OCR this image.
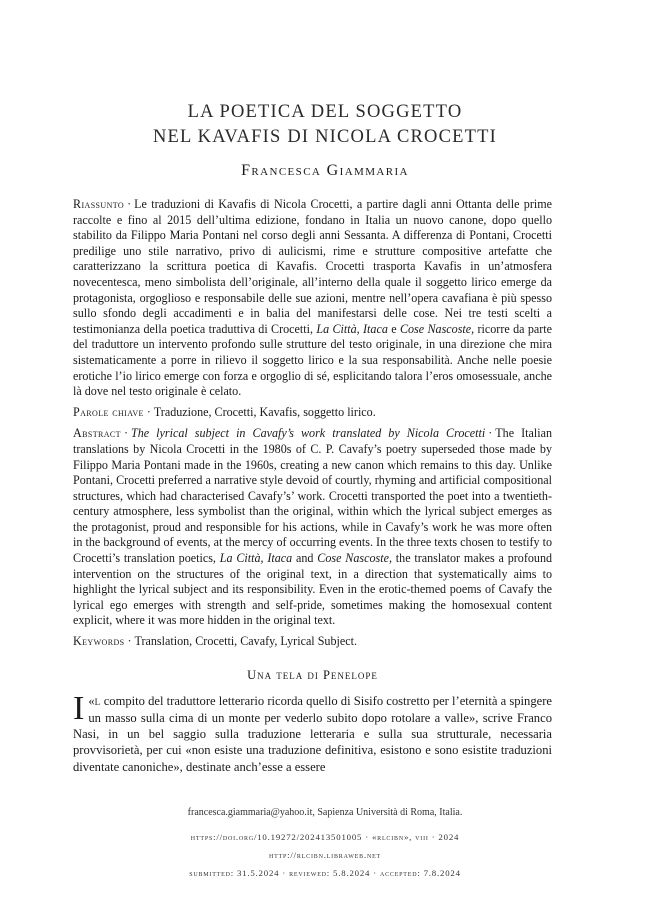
LA POETICA DEL SOGGETTO
NEL KAVAFIS DI NICOLA CROCETTI
Francesca Giammaria

Riassunto · Le traduzioni di Kavafis di Nicola Crocetti, a partire dagli anni Ottanta delle prime raccolte e fino al 2015 dell’ultima edizione, fondano in Italia un nuovo canone, dopo quello stabilito da Filippo Maria Pontani nel corso degli anni Sessanta. A differenza di Pontani, Crocetti predilige uno stile narrativo, privo di aulicismi, rime e strutture compositive artefatte che caratterizzano la scrittura poetica di Kavafis. Crocetti trasporta Kavafis in un’atmosfera novecentesca, meno simbolista dell’originale, all’interno della quale il soggetto lirico emerge da protagonista, orgoglioso e responsabile delle sue azioni, mentre nell’opera cavafiana è più spesso sullo sfondo degli accadimenti e in balia del manifestarsi delle cose. Nei tre testi scelti a testimonianza della poetica traduttiva di Crocetti, La Città, Itaca e Cose Nascoste, ricorre da parte del traduttore un intervento profondo sulle strutture del testo originale, in una direzione che mira sistematicamente a porre in rilievo il soggetto lirico e la sua responsabilità. Anche nelle poesie erotiche l’io lirico emerge con forza e orgoglio di sé, esplicitando talora l’eros omosessuale, anche là dove nel testo originale è celato.

Parole chiave · Traduzione, Crocetti, Kavafis, soggetto lirico.

Abstract · The lyrical subject in Cavafy’s work translated by Nicola Crocetti · The Italian translations by Nicola Crocetti in the 1980s of C. P. Cavafy’s poetry superseded those made by Filippo Maria Pontani made in the 1960s, creating a new canon which remains to this day. Unlike Pontani, Crocetti preferred a narrative style devoid of courtly, rhyming and artificial compositional structures, which had characterised Cavafy’s’ work. Crocetti transported the poet into a twentieth-century atmosphere, less symbolist than the original, within which the lyrical subject emerges as the protagonist, proud and responsible for his actions, while in Cavafy’s work he was more often in the background of events, at the mercy of occurring events. In the three texts chosen to testify to Crocetti’s translation poetics, La Città, Itaca and Cose Nascoste, the translator makes a profound intervention on the structures of the original text, in a direction that systematically aims to highlight the lyrical subject and its responsibility. Even in the erotic-themed poems of Cavafy the lyrical ego emerges with strength and self-pride, sometimes making the homosexual content explicit, where it was more hidden in the original text.

Keywords · Translation, Crocetti, Cavafy, Lyrical Subject.

Una tela di Penelope

«
I l compito del traduttore letterario ricorda quello di Sisifo costretto per l’eternità a spingere un masso sulla cima di un monte per vederlo subito dopo rotolare a valle», scrive Franco Nasi, in un bel saggio sulla traduzione letteraria e sulla sua strutturale, necessaria provvisorietà, per cui «non esiste una traduzione definitiva, esistono e sono esistite traduzioni diventate canoniche», destinate anch’esse a essere

francesca.giammaria@yahoo.it, Sapienza Università di Roma, Italia.
https://doi.org/10.19272/202413501005 · «rlcibn», viii · 2024
http://rlcibn.libraweb.net
submitted: 31.5.2024 · reviewed: 5.8.2024 · accepted: 7.8.2024
